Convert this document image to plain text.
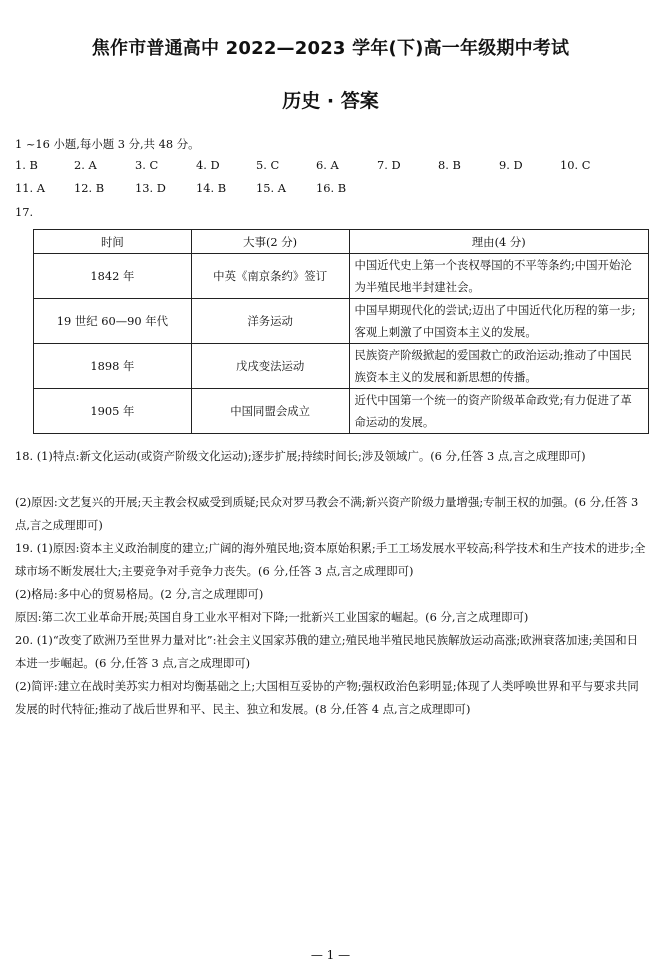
焦作市普通高中 2022—2023 学年(下)高一年级期中考试
历史 · 答案
1 ~16 小题,每小题 3 分,共 48 分。
1. B	2. A	3. C	4. D	5. C	6. A	7. D	8. B	9. D	10. C
11. A	12. B	13. D	14. B	15. A	16. B
17.
时间	大事(2 分)	理由(4 分)
1842 年	中英《南京条约》签订	中国近代史上第一个丧权辱国的不平等条约;中国开始沦为半殖民地半封建社会。
19 世纪 60—90 年代	洋务运动	中国早期现代化的尝试;迈出了中国近代化历程的第一步;客观上刺激了中国资本主义的发展。
1898 年	戊戌变法运动	民族资产阶级掀起的爱国救亡的政治运动;推动了中国民族资本主义的发展和新思想的传播。
1905 年	中国同盟会成立	近代中国第一个统一的资产阶级革命政党;有力促进了革命运动的发展。
18. (1)特点:新文化运动(或资产阶级文化运动);逐步扩展;持续时间长;涉及领域广。(6 分,任答 3 点,言之成理即可)
(2)原因:文艺复兴的开展;天主教会权威受到质疑;民众对罗马教会不满;新兴资产阶级力量增强;专制王权的加强。(6 分,任答 3 点,言之成理即可)
19. (1)原因:资本主义政治制度的建立;广阔的海外殖民地;资本原始积累;手工工场发展水平较高;科学技术和生产技术的进步;全球市场不断发展壮大;主要竞争对手竞争力丧失。(6 分,任答 3 点,言之成理即可)
(2)格局:多中心的贸易格局。(2 分,言之成理即可)
原因:第二次工业革命开展;英国自身工业水平相对下降;一批新兴工业国家的崛起。(6 分,言之成理即可)
20. (1)“改变了欧洲乃至世界力量对比”:社会主义国家苏俄的建立;殖民地半殖民地民族解放运动高涨;欧洲衰落加速;美国和日本进一步崛起。(6 分,任答 3 点,言之成理即可)
(2)简评:建立在战时美苏实力相对均衡基础之上;大国相互妥协的产物;强权政治色彩明显;体现了人类呼唤世界和平与要求共同发展的时代特征;推动了战后世界和平、民主、独立和发展。(8 分,任答 4 点,言之成理即可)
— 1 —
